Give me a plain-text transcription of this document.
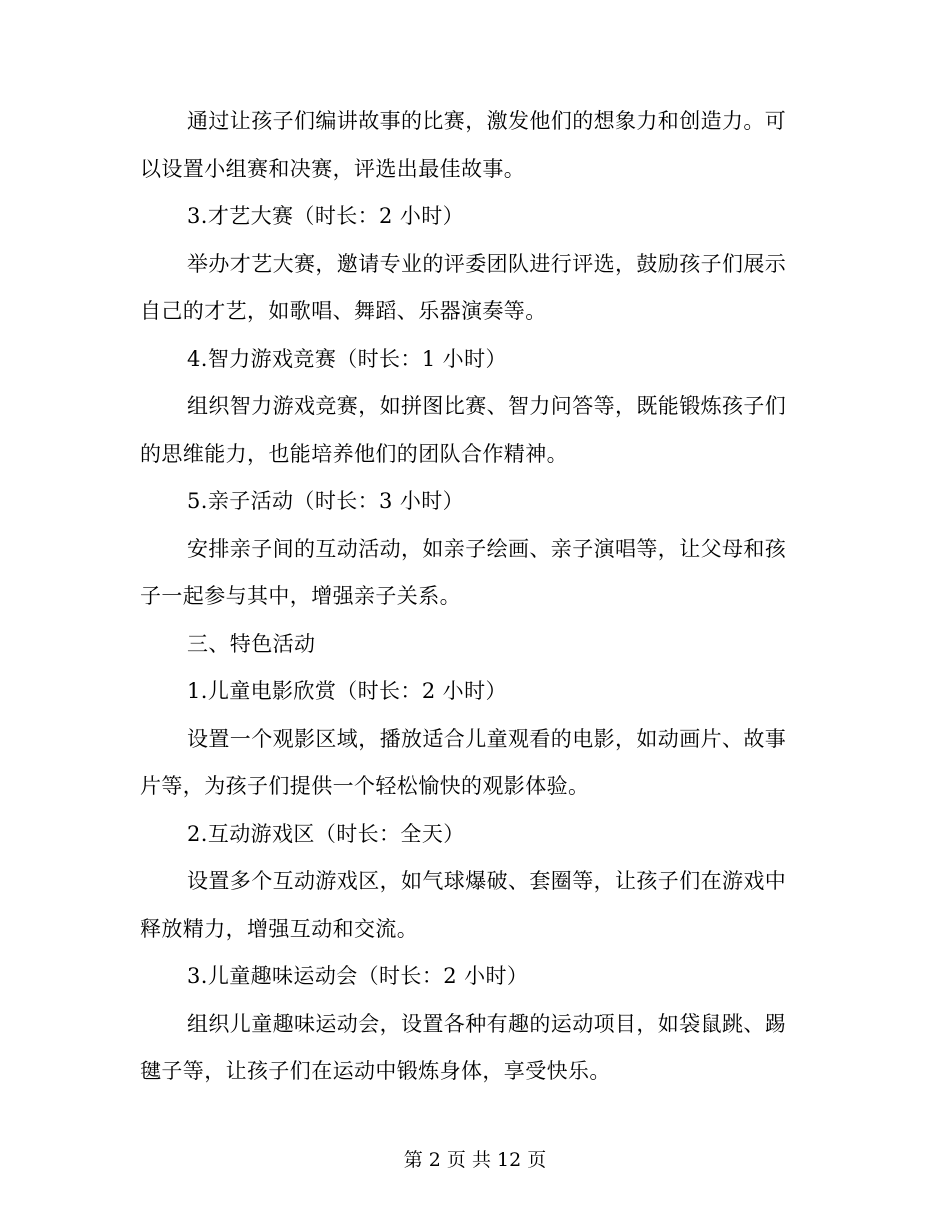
通过让孩子们编讲故事的比赛，激发他们的想象力和创造力。可
以设置小组赛和决赛，评选出最佳故事。
3.才艺大赛（时长：2 小时）
举办才艺大赛，邀请专业的评委团队进行评选，鼓励孩子们展示
自己的才艺，如歌唱、舞蹈、乐器演奏等。
4.智力游戏竞赛（时长：1 小时）
组织智力游戏竞赛，如拼图比赛、智力问答等，既能锻炼孩子们
的思维能力，也能培养他们的团队合作精神。
5.亲子活动（时长：3 小时）
安排亲子间的互动活动，如亲子绘画、亲子演唱等，让父母和孩
子一起参与其中，增强亲子关系。
三、特色活动
1.儿童电影欣赏（时长：2 小时）
设置一个观影区域，播放适合儿童观看的电影，如动画片、故事
片等，为孩子们提供一个轻松愉快的观影体验。
2.互动游戏区（时长：全天）
设置多个互动游戏区，如气球爆破、套圈等，让孩子们在游戏中
释放精力，增强互动和交流。
3.儿童趣味运动会（时长：2 小时）
组织儿童趣味运动会，设置各种有趣的运动项目，如袋鼠跳、踢
毽子等，让孩子们在运动中锻炼身体，享受快乐。
第 2 页 共 12 页
